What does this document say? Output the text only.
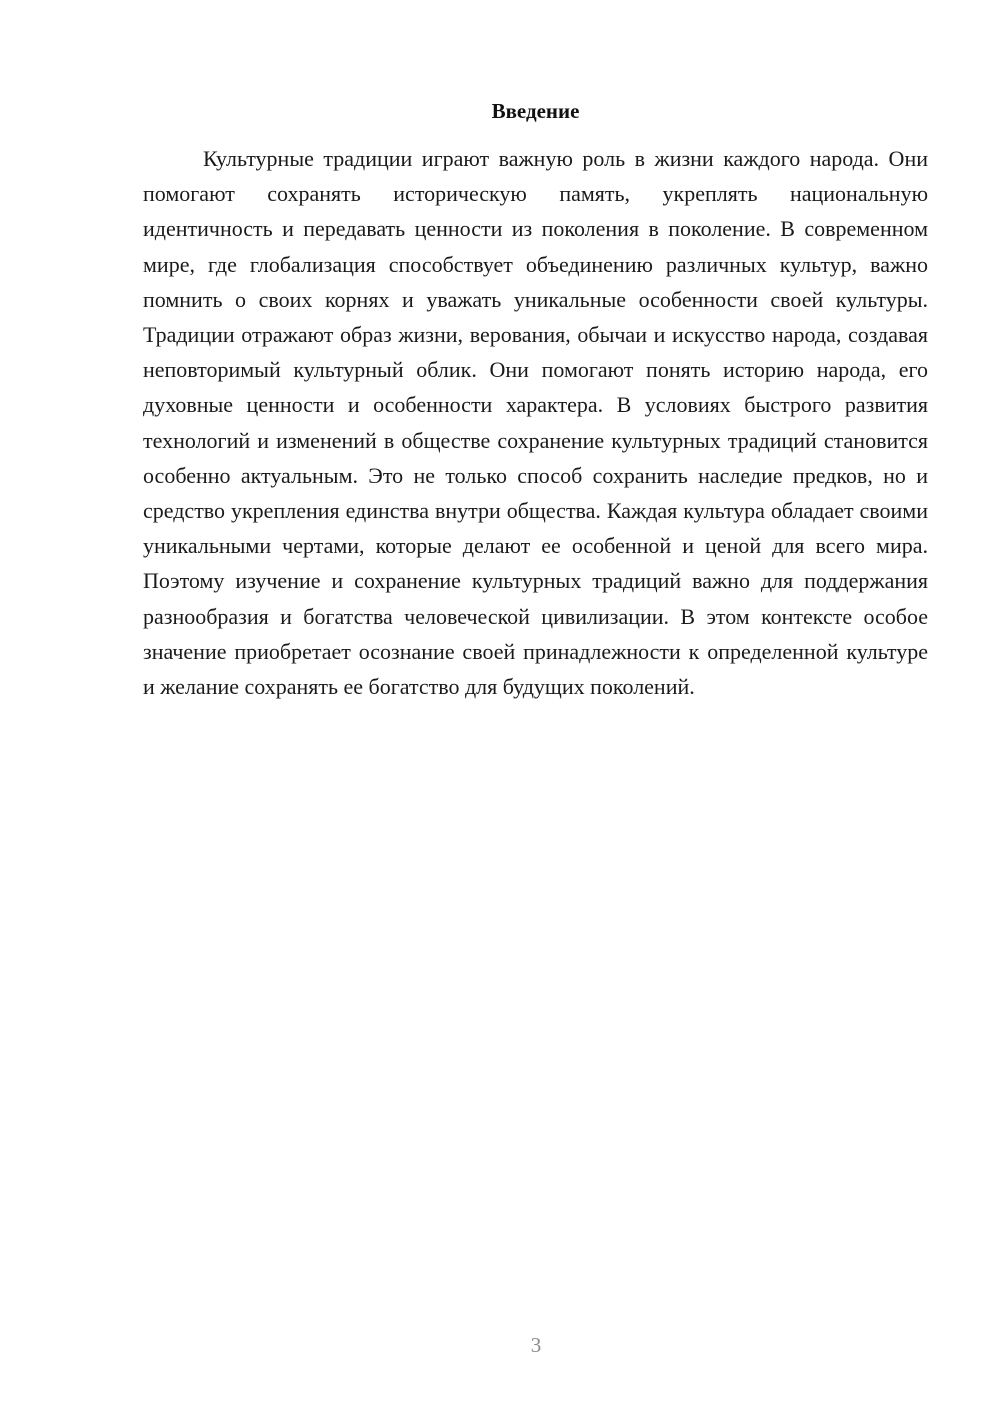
Введение

Культурные традиции играют важную роль в жизни каждого народа. Они помогают сохранять историческую память, укреплять национальную идентичность и передавать ценности из поколения в поколение. В современном мире, где глобализация способствует объединению различных культур, важно помнить о своих корнях и уважать уникальные особенности своей культуры. Традиции отражают образ жизни, верования, обычаи и искусство народа, создавая неповторимый культурный облик. Они помогают понять историю народа, его духовные ценности и особенности характера. В условиях быстрого развития технологий и изменений в обществе сохранение культурных традиций становится особенно актуальным. Это не только способ сохранить наследие предков, но и средство укрепления единства внутри общества. Каждая культура обладает своими уникальными чертами, которые делают ее особенной и ценой для всего мира. Поэтому изучение и сохранение культурных традиций важно для поддержания разнообразия и богатства человеческой цивилизации. В этом контексте особое значение приобретает осознание своей принадлежности к определенной культуре и желание сохранять ее богатство для будущих поколений.

3
